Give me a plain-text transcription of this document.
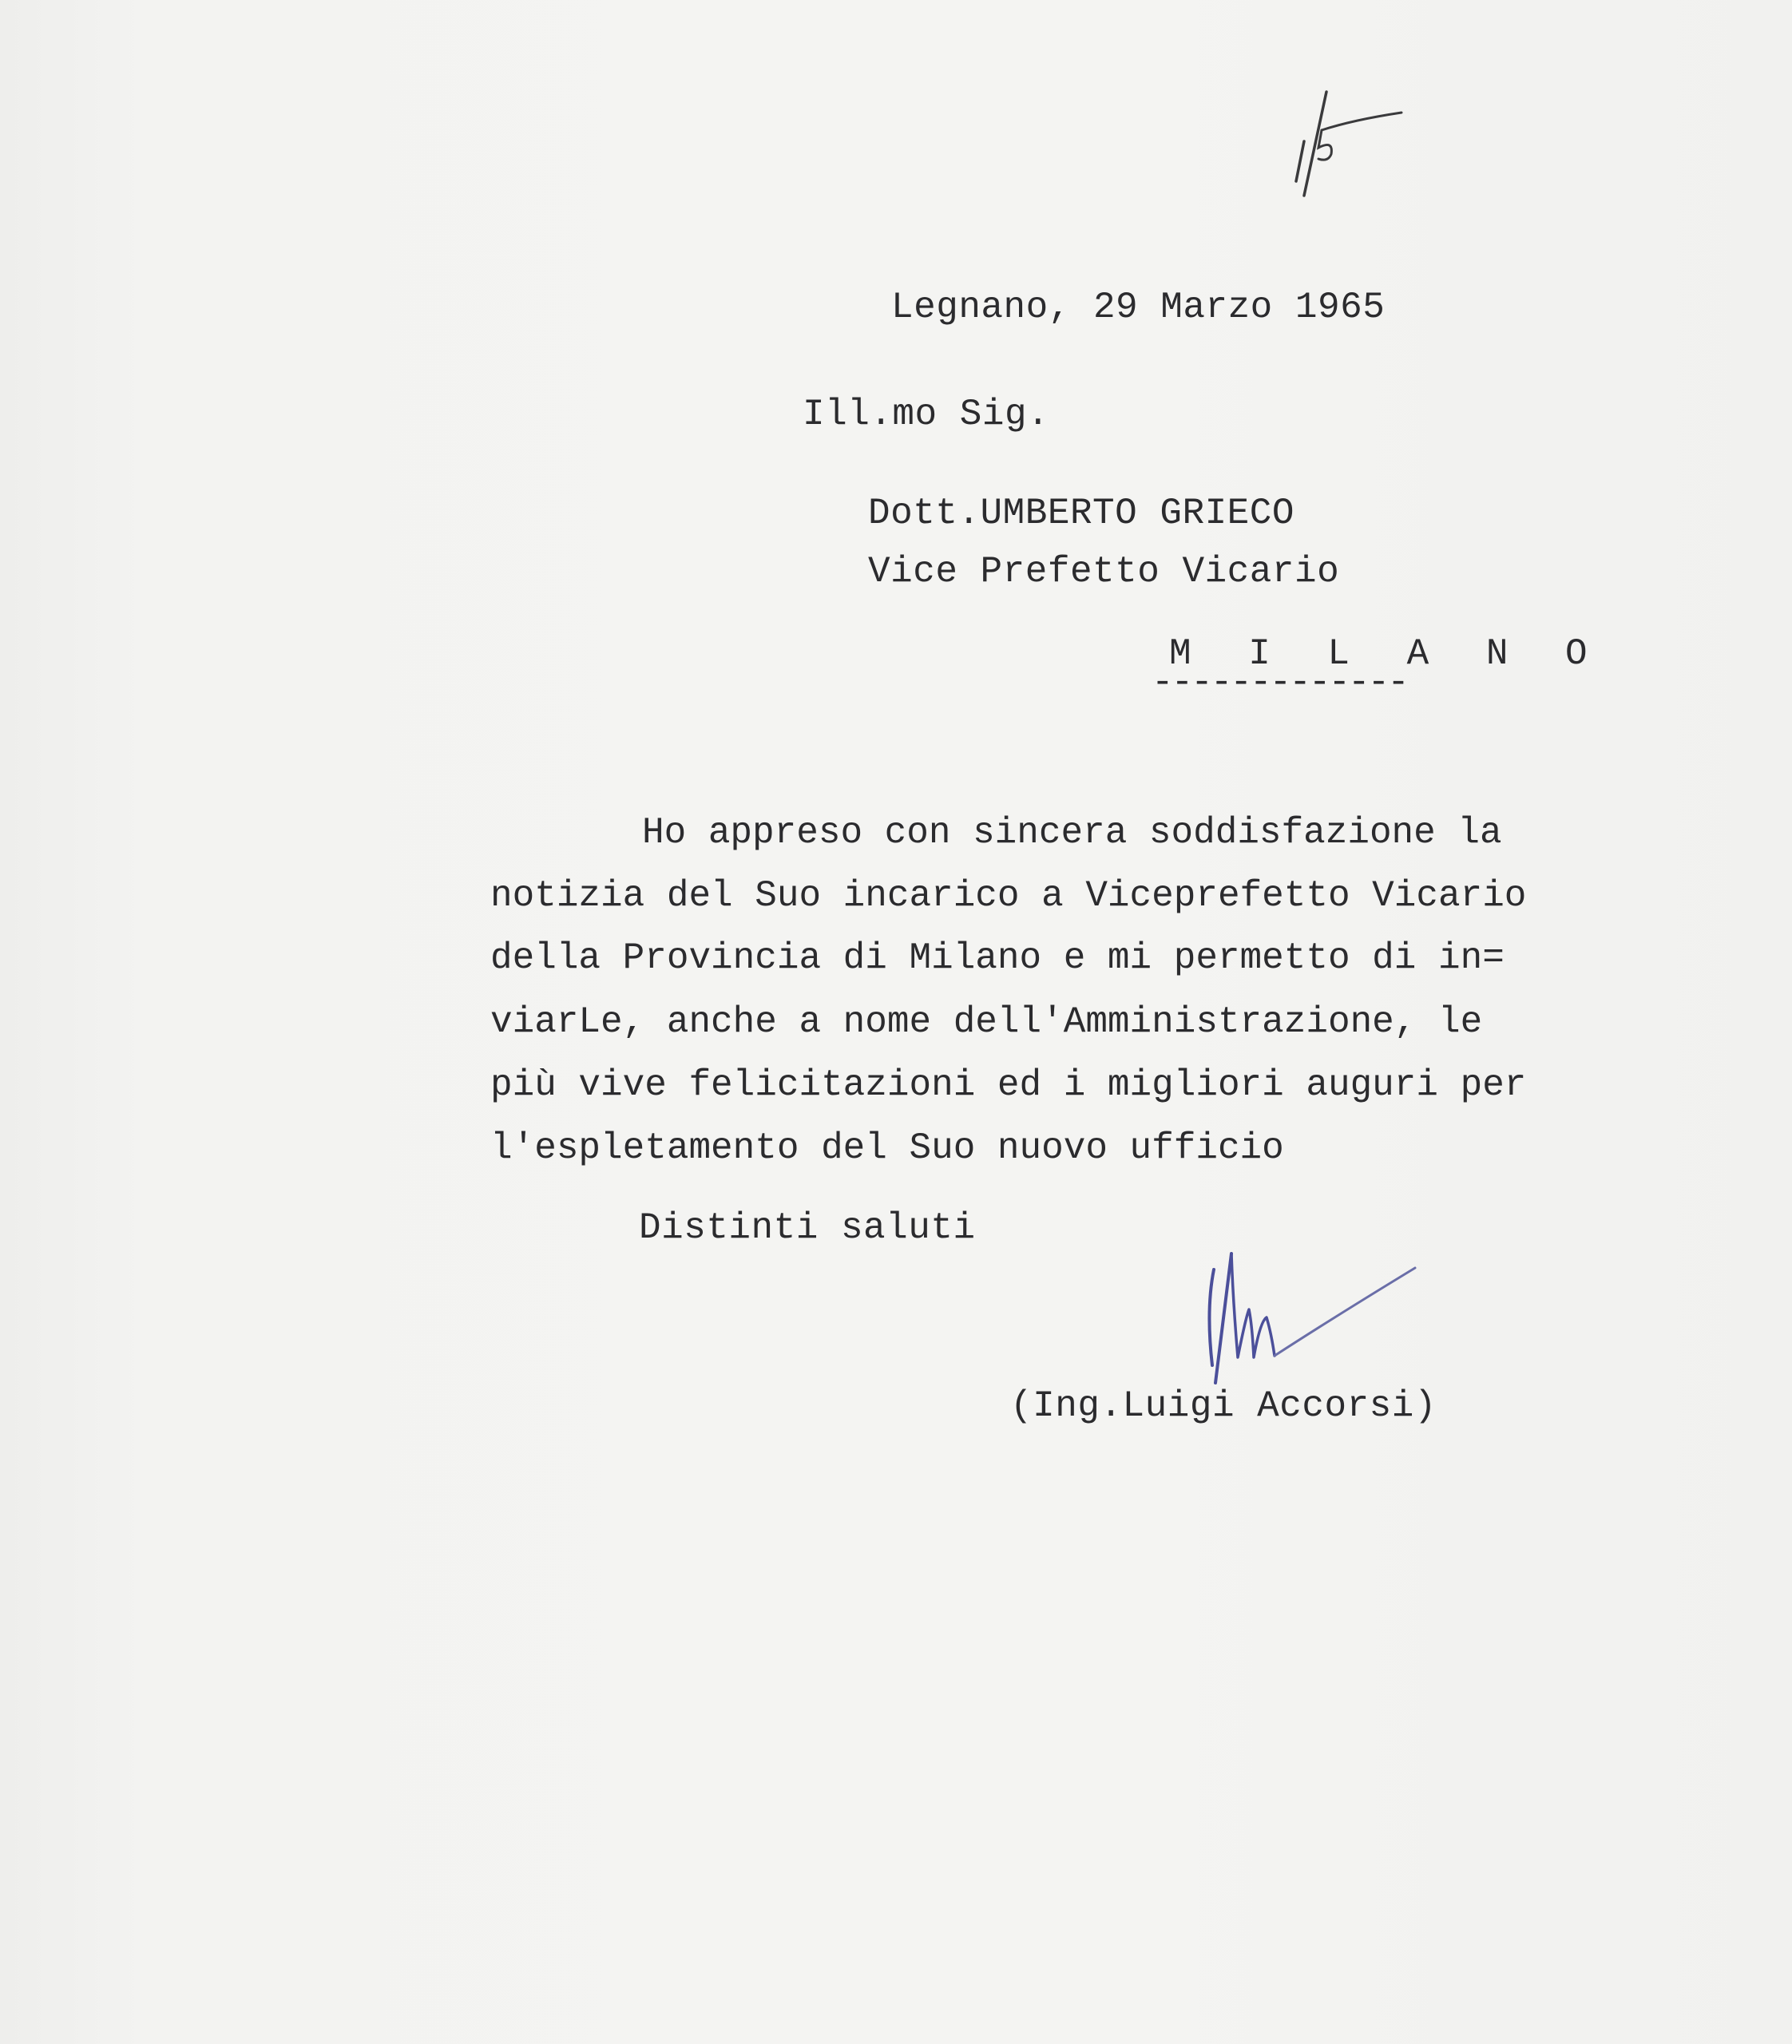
Legnano, 29 Marzo 1965
Ill.mo Sig.
Dott.UMBERTO GRIECO
Vice Prefetto Vicario
M I L A N O
-------------
Ho appreso con sincera soddisfazione la
notizia del Suo incarico a Viceprefetto Vicario
della Provincia di Milano e mi permetto di in=
viarLe, anche a nome dell'Amministrazione, le
più vive felicitazioni ed i migliori auguri per
l'espletamento del Suo nuovo ufficio
Distinti saluti
(Ing.Luigi Accorsi)
